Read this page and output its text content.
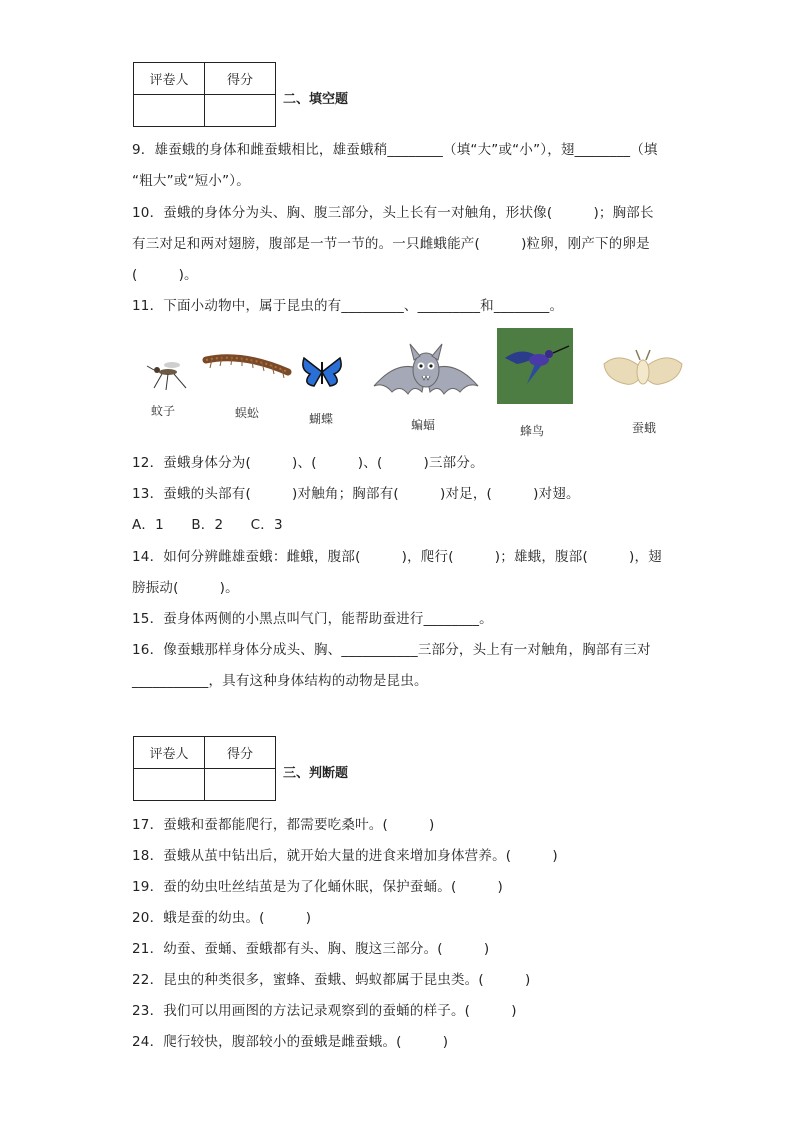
评卷人	得分

二、填空题
9．雄蚕蛾的身体和雌蚕蛾相比，雄蚕蛾稍________（填“大”或“小”），翅________（填
“粗大”或“短小”）。
10．蚕蛾的身体分为头、胸、腹三部分，头上长有一对触角，形状像(　　　)；胸部长
有三对足和两对翅膀，腹部是一节一节的。一只雌蛾能产(　　　)粒卵，刚产下的卵是
(　　　)。
11．下面小动物中，属于昆虫的有_________、_________和________。
蚊子	蜈蚣	蝴蝶	蝙蝠	蜂鸟	蚕蛾
12．蚕蛾身体分为(　　　)、(　　　)、(　　　)三部分。
13．蚕蛾的头部有(　　　)对触角；胸部有(　　　)对足，(　　　)对翅。
A．1　　B．2　　C．3
14．如何分辨雌雄蚕蛾：雌蛾，腹部(　　　)，爬行(　　　)；雄蛾，腹部(　　　)，翅
膀振动(　　　)。
15．蚕身体两侧的小黑点叫气门，能帮助蚕进行________。
16．像蚕蛾那样身体分成头、胸、___________三部分，头上有一对触角，胸部有三对
___________，具有这种身体结构的动物是昆虫。
评卷人	得分

三、判断题
17．蚕蛾和蚕都能爬行，都需要吃桑叶。(　　　)
18．蚕蛾从茧中钻出后，就开始大量的进食来增加身体营养。(　　　)
19．蚕的幼虫吐丝结茧是为了化蛹休眠，保护蚕蛹。(　　　)
20．蛾是蚕的幼虫。(　　　)
21．幼蚕、蚕蛹、蚕蛾都有头、胸、腹这三部分。(　　　)
22．昆虫的种类很多，蜜蜂、蚕蛾、蚂蚁都属于昆虫类。(　　　)
23．我们可以用画图的方法记录观察到的蚕蛹的样子。(　　　)
24．爬行较快，腹部较小的蚕蛾是雌蚕蛾。(　　　)
